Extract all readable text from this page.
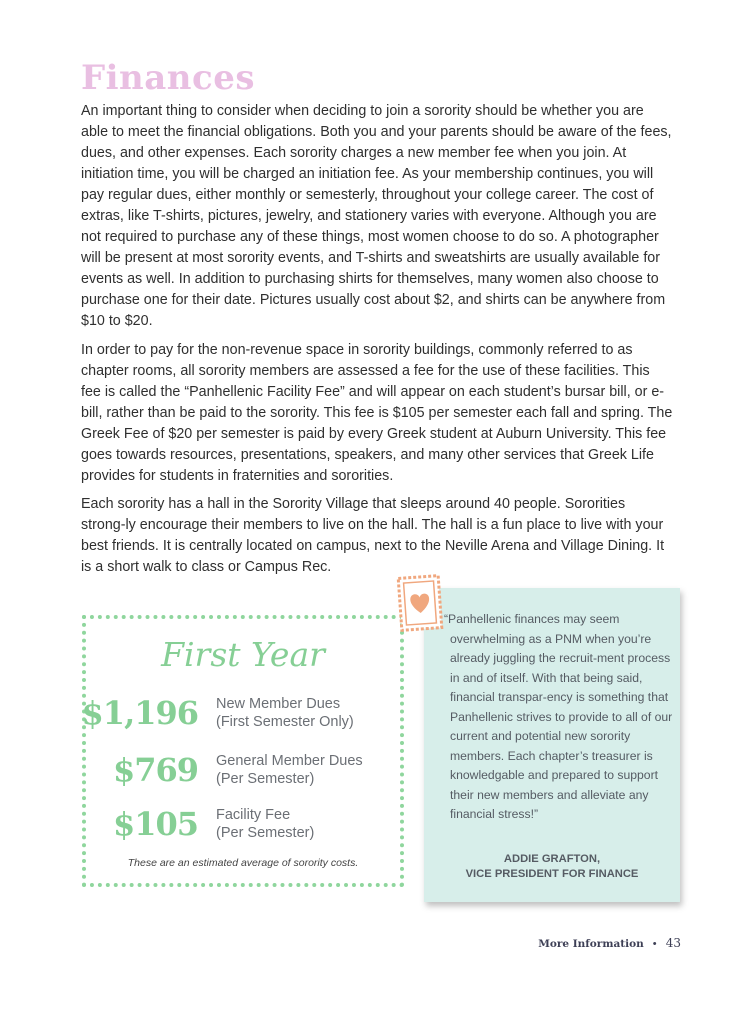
Finances

An important thing to consider when deciding to join a sorority should be whether you are able to meet the financial obligations. Both you and your parents should be aware of the fees, dues, and other expenses. Each sorority charges a new member fee when you join. At initiation time, you will be charged an initiation fee. As your membership continues, you will pay regular dues, either monthly or semesterly, throughout your college career. The cost of extras, like T-shirts, pictures, jewelry, and stationery varies with everyone. Although you are not required to purchase any of these things, most women choose to do so. A photographer will be present at most sorority events, and T-shirts and sweatshirts are usually available for events as well. In addition to purchasing shirts for themselves, many women also choose to purchase one for their date. Pictures usually cost about $2, and shirts can be anywhere from $10 to $20.

In order to pay for the non-revenue space in sorority buildings, commonly referred to as chapter rooms, all sorority members are assessed a fee for the use of these facilities. This fee is called the “Panhellenic Facility Fee” and will appear on each student’s bursar bill, or e-bill, rather than be paid to the sorority. This fee is $105 per semester each fall and spring. The Greek Fee of $20 per semester is paid by every Greek student at Auburn University. This fee goes towards resources, presentations, speakers, and many other services that Greek Life provides for students in fraternities and sororities.

Each sorority has a hall in the Sorority Village that sleeps around 40 people. Sororities strong-ly encourage their members to live on the hall. The hall is a fun place to live with your best friends. It is centrally located on campus, next to the Neville Arena and Village Dining. It is a short walk to class or Campus Rec.

First Year
$1,196 New Member Dues
(First Semester Only)
$769 General Member Dues
(Per Semester)
$105 Facility Fee
(Per Semester)
These are an estimated average of sorority costs.

“Panhellenic finances may seem overwhelming as a PNM when you’re already juggling the recruit-ment process in and of itself. With that being said, financial transpar-ency is something that Panhellenic strives to provide to all of our current and potential new sorority members. Each chapter’s treasurer is knowledgable and prepared to support their new members and alleviate any financial stress!”

ADDIE GRAFTON,
VICE PRESIDENT FOR FINANCE
More Information • 43
